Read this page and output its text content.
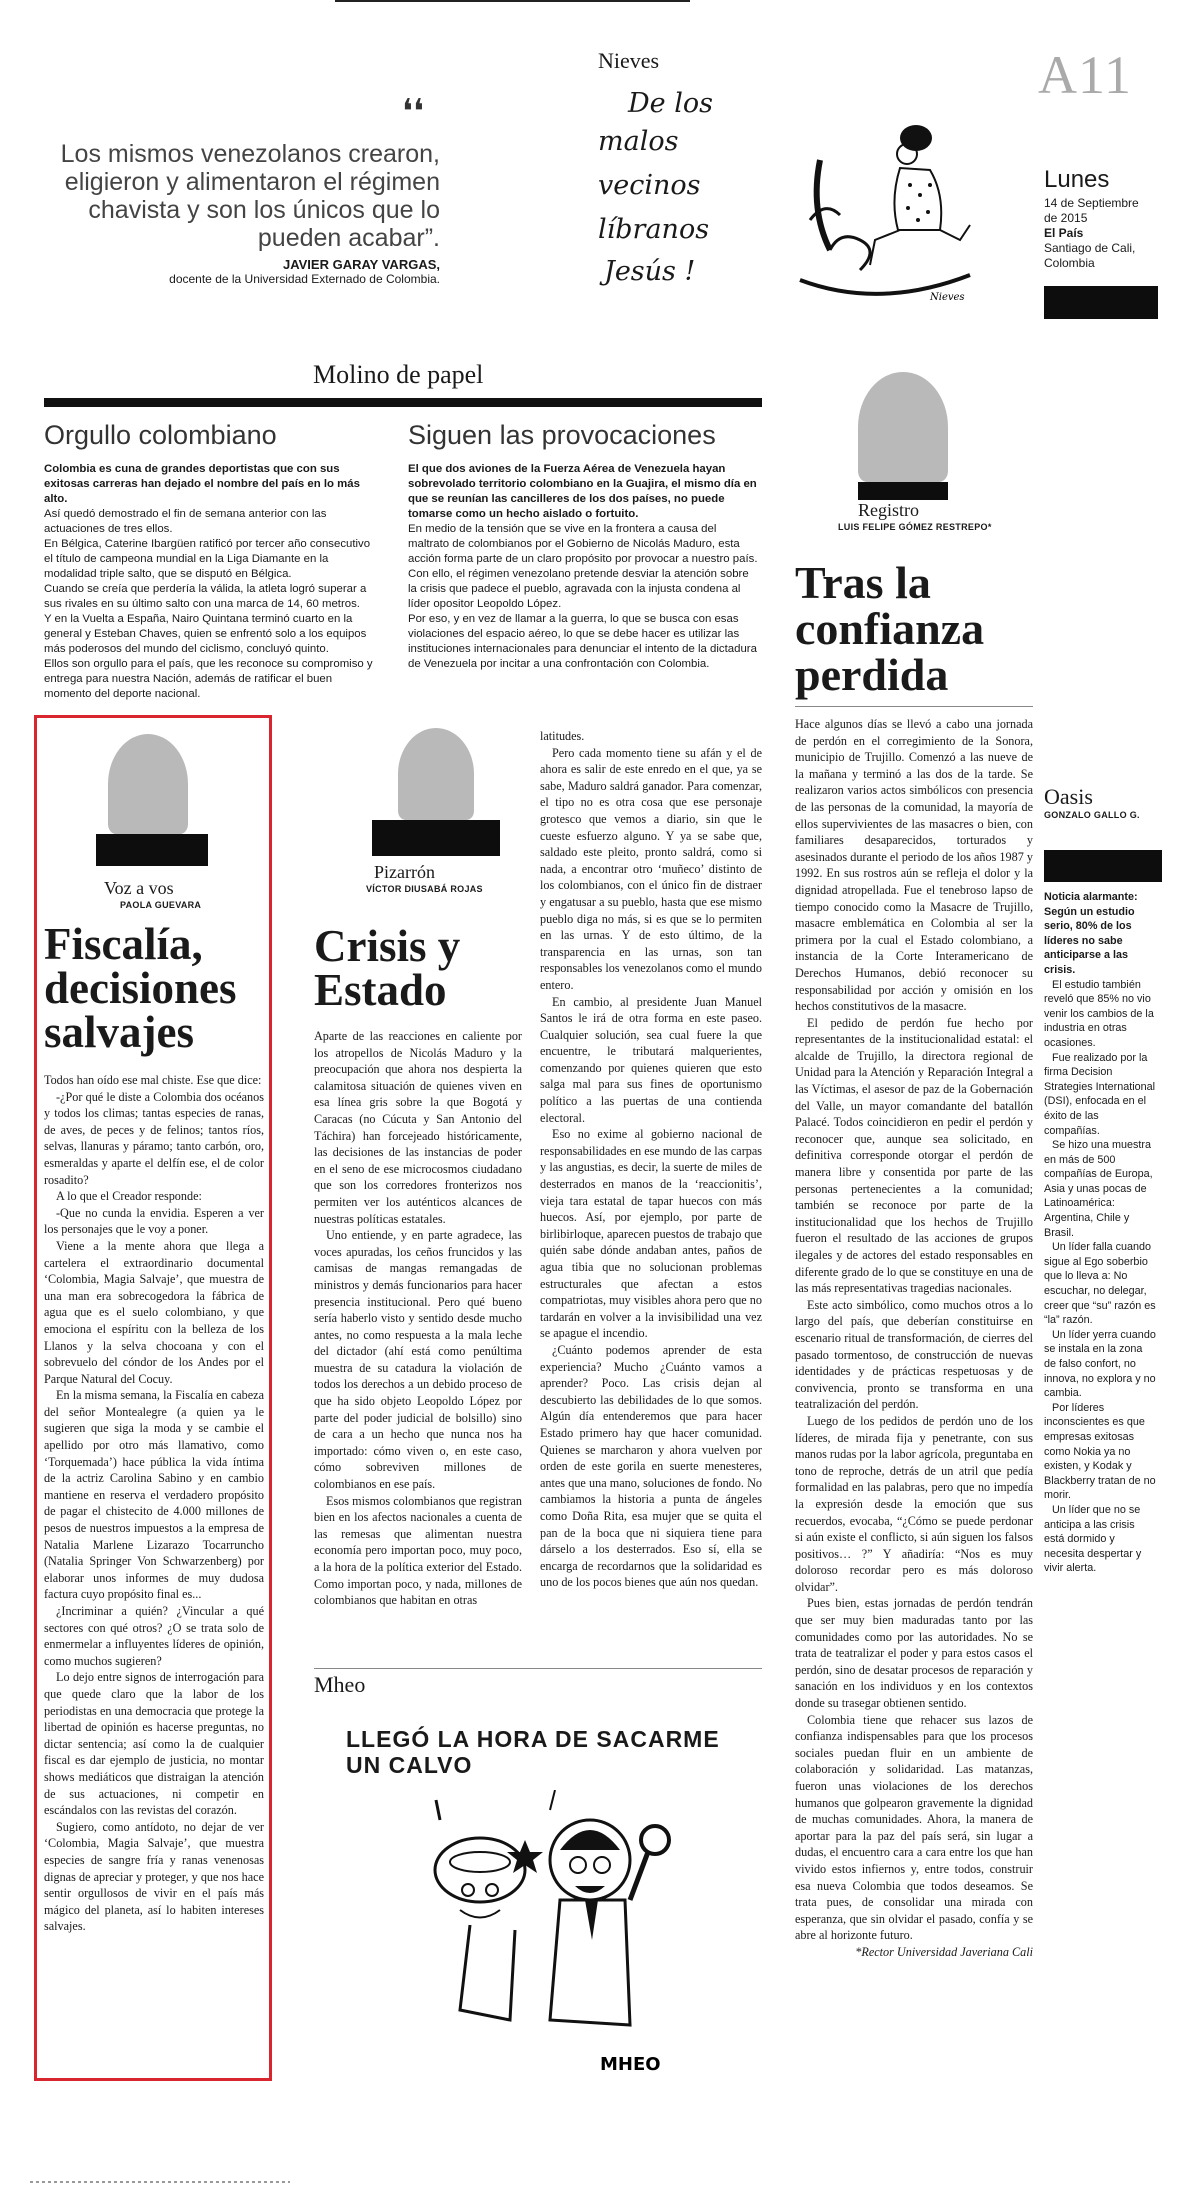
❛❛
Los mismos venezolanos crearon, eligieron y alimentaron el régimen chavista y son los únicos que lo pueden acabar”.
JAVIER GARAY VARGAS,
docente de la Universidad Externado de Colombia.
Nieves
De los
malos
vecinos
líbranos
Jesús !
Nieves
A11
Lunes
14 de Septiembre
de 2015
El País
Santiago de Cali,
Colombia
Molino de papel
Orgullo colombiano
Colombia es cuna de grandes deportistas que con sus exitosas carreras han dejado el nombre del país en lo más alto.
Así quedó demostrado el fin de semana anterior con las actuaciones de tres ellos.
En Bélgica, Caterine Ibargüen ratificó por tercer año consecutivo el título de campeona mundial en la Liga Diamante en la modalidad triple salto, que se disputó en Bélgica.
Cuando se creía que perdería la válida, la atleta logró superar a sus rivales en su último salto con una marca de 14, 60 metros.
Y en la Vuelta a España, Nairo Quintana terminó cuarto en la general y Esteban Chaves, quien se enfrentó solo a los equipos más poderosos del mundo del ciclismo, concluyó quinto.
Ellos son orgullo para el país, que les reconoce su compromiso y entrega para nuestra Nación, además de ratificar el buen momento del deporte nacional.
Siguen las provocaciones
El que dos aviones de la Fuerza Aérea de Venezuela hayan sobrevolado territorio colombiano en la Guajira, el mismo día en que se reunían las cancilleres de los dos países, no puede tomarse como un hecho aislado o fortuito.
En medio de la tensión que se vive en la frontera a causa del maltrato de colombianos por el Gobierno de Nicolás Maduro, esta acción forma parte de un claro propósito por provocar a nuestro país.
Con ello, el régimen venezolano pretende desviar la atención sobre la crisis que padece el pueblo, agravada con la injusta condena al líder opositor Leopoldo López.
Por eso, y en vez de llamar a la guerra, lo que se busca con esas violaciones del espacio aéreo, lo que se debe hacer es utilizar las instituciones internacionales para denunciar el intento de la dictadura de Venezuela por incitar a una confrontación con Colombia.
Registro
LUIS FELIPE GÓMEZ RESTREPO*
Tras la confianza perdida

Hace algunos días se llevó a cabo una jornada de perdón en el corregimiento de la Sonora, municipio de Trujillo. Comenzó a las nueve de la mañana y terminó a las dos de la tarde. Se realizaron varios actos simbólicos con presencia de las personas de la comunidad, la mayoría de ellos supervivientes de las masacres o bien, con familiares desaparecidos, torturados y asesinados durante el periodo de los años 1987 y 1992. En sus rostros aún se refleja el dolor y la dignidad atropellada. Fue el tenebroso lapso de tiempo conocido como la Masacre de Trujillo, masacre emblemática en Colombia al ser la primera por la cual el Estado colombiano, a instancia de la Corte Interamericano de Derechos Humanos, debió reconocer su responsabilidad por acción y omisión en los hechos constitutivos de la masacre.

El pedido de perdón fue hecho por representantes de la institucionalidad estatal: el alcalde de Trujillo, la directora regional de Unidad para la Atención y Reparación Integral a las Víctimas, el asesor de paz de la Gobernación del Valle, un mayor comandante del batallón Palacé. Todos coincidieron en pedir el perdón y reconocer que, aunque sea solicitado, en definitiva corresponde otorgar el perdón de manera libre y consentida por parte de las personas pertenecientes a la comunidad; también se reconoce por parte de la institucionalidad que los hechos de Trujillo fueron el resultado de las acciones de grupos ilegales y de actores del estado responsables en diferente grado de lo que se constituye en una de las más representativas tragedias nacionales.

Este acto simbólico, como muchos otros a lo largo del país, que deberían constituirse en escenario ritual de transformación, de cierres del pasado tormentoso, de construcción de nuevas identidades y de prácticas respetuosas y de convivencia, pronto se transforma en una teatralización del perdón.

Luego de los pedidos de perdón uno de los líderes, de mirada fija y penetrante, con sus manos rudas por la labor agrícola, preguntaba en tono de reproche, detrás de un atril que pedía formalidad en las palabras, pero que no impedía la expresión desde la emoción que sus recuerdos, evocaba, “¿Cómo se puede perdonar si aún existe el conflicto, si aún siguen los falsos positivos… ?” Y añadiría: “Nos es muy doloroso recordar pero es más doloroso olvidar”.

Pues bien, estas jornadas de perdón tendrán que ser muy bien maduradas tanto por las comunidades como por las autoridades. No se trata de teatralizar el poder y para estos casos el perdón, sino de desatar procesos de reparación y sanación en los individuos y en los contextos donde su trasegar obtienen sentido.

Colombia tiene que rehacer sus lazos de confianza indispensables para que los procesos sociales puedan fluir en un ambiente de colaboración y solidaridad. Las matanzas, fueron unas violaciones de los derechos humanos que golpearon gravemente la dignidad de muchas comunidades. Ahora, la manera de aportar para la paz del país será, sin lugar a dudas, el encuentro cara a cara entre los que han vivido estos infiernos y, entre todos, construir esa nueva Colombia que todos deseamos. Se trata pues, de consolidar una mirada con esperanza, que sin olvidar el pasado, confía y se abre al horizonte futuro.

*Rector Universidad Javeriana Cali
Oasis
GONZALO GALLO G.
Noticia alarmante: Según un estudio serio, 80% de los líderes no sabe anticiparse a las crisis.

El estudio también reveló que 85% no vio venir los cambios de la industria en otras ocasiones.

Fue realizado por la firma Decision Strategies International (DSI), enfocada en el éxito de las compañías.

Se hizo una muestra en más de 500 compañías de Europa, Asia y unas pocas de Latinoamérica: Argentina, Chile y Brasil.

Un líder falla cuando sigue al Ego soberbio que lo lleva a: No escuchar, no delegar, creer que “su” razón es “la” razón.

Un líder yerra cuando se instala en la zona de falso confort, no innova, no explora y no cambia.

Por líderes inconscientes es que empresas exitosas como Nokia ya no existen, y Kodak y Blackberry tratan de no morir.

Un líder que no se anticipa a las crisis está dormido y necesita despertar y vivir alerta.

Voz a vos
PAOLA GUEVARA
Fiscalía, decisiones salvajes

Todos han oído ese mal chiste. Ese que dice:

-¿Por qué le diste a Colombia dos océanos y todos los climas; tantas especies de ranas, de aves, de peces y de felinos; tantos ríos, selvas, llanuras y páramo; tanto carbón, oro, esmeraldas y aparte el delfín ese, el de color rosadito?

A lo que el Creador responde:

-Que no cunda la envidia. Esperen a ver los personajes que le voy a poner.

Viene a la mente ahora que llega a cartelera el extraordinario documental ‘Colombia, Magia Salvaje’, que muestra de una man era sobrecogedora la fábrica de agua que es el suelo colombiano, y que emociona el espíritu con la belleza de los Llanos y la selva chocoana y con el sobrevuelo del cóndor de los Andes por el Parque Natural del Cocuy.

En la misma semana, la Fiscalía en cabeza del señor Montealegre (a quien ya le sugieren que siga la moda y se cambie el apellido por otro más llamativo, como ‘Torquemada’) hace pública la vida íntima de la actriz Carolina Sabino y en cambio mantiene en reserva el verdadero propósito de pagar el chistecito de 4.000 millones de pesos de nuestros impuestos a la empresa de Natalia Marlene Lizarazo Tocarruncho (Natalia Springer Von Schwarzenberg) por elaborar unos informes de muy dudosa factura cuyo propósito final es...

¿Incriminar a quién? ¿Vincular a qué sectores con qué otros? ¿O se trata solo de enmermelar a influyentes líderes de opinión, como muchos sugieren?

Lo dejo entre signos de interrogación para que quede claro que la labor de los periodistas en una democracia que protege la libertad de opinión es hacerse preguntas, no dictar sentencia; así como la de cualquier fiscal es dar ejemplo de justicia, no montar shows mediáticos que distraigan la atención de sus actuaciones, ni competir en escándalos con las revistas del corazón.

Sugiero, como antídoto, no dejar de ver ‘Colombia, Magia Salvaje’, que muestra especies de sangre fría y ranas venenosas dignas de apreciar y proteger, y que nos hace sentir orgullosos de vivir en el país más mágico del planeta, así lo habiten intereses salvajes.

Pizarrón
VÍCTOR DIUSABÁ ROJAS
Crisis y Estado

Aparte de las reacciones en caliente por los atropellos de Nicolás Maduro y la preocupación que ahora nos despierta la calamitosa situación de quienes viven en esa línea gris sobre la que Bogotá y Caracas (no Cúcuta y San Antonio del Táchira) han forcejeado históricamente, las decisiones de las instancias de poder en el seno de ese microcosmos ciudadano que son los corredores fronterizos nos permiten ver los auténticos alcances de nuestras políticas estatales.

Uno entiende, y en parte agradece, las voces apuradas, los ceños fruncidos y las camisas de mangas remangadas de ministros y demás funcionarios para hacer presencia institucional. Pero qué bueno sería haberlo visto y sentido desde mucho antes, no como respuesta a la mala leche del dictador (ahí está como penúltima muestra de su catadura la violación de todos los derechos a un debido proceso de que ha sido objeto Leopoldo López por parte del poder judicial de bolsillo) sino de cara a un hecho que nunca nos ha importado: cómo viven o, en este caso, cómo sobreviven millones de colombianos en ese país.

Esos mismos colombianos que registran bien en los afectos nacionales a cuenta de las remesas que alimentan nuestra economía pero importan poco, muy poco, a la hora de la política exterior del Estado. Como importan poco, y nada, millones de colombianos que habitan en otras

latitudes.

Pero cada momento tiene su afán y el de ahora es salir de este enredo en el que, ya se sabe, Maduro saldrá ganador. Para comenzar, el tipo no es otra cosa que ese personaje grotesco que vemos a diario, sin que le cueste esfuerzo alguno. Y ya se sabe que, saldado este pleito, pronto saldrá, como si nada, a encontrar otro ‘muñeco’ distinto de los colombianos, con el único fin de distraer y engatusar a su pueblo, hasta que ese mismo pueblo diga no más, si es que se lo permiten en las urnas. Y de esto último, de la transparencia en las urnas, son tan responsables los venezolanos como el mundo entero.

En cambio, al presidente Juan Manuel Santos le irá de otra forma en este paseo. Cualquier solución, sea cual fuere la que encuentre, le tributará malquerientes, comenzando por quienes quieren que esto salga mal para sus fines de oportunismo político a las puertas de una contienda electoral.

Eso no exime al gobierno nacional de responsabilidades en ese mundo de las carpas y las angustias, es decir, la suerte de miles de desterrados en manos de la ‘reaccionitis’, vieja tara estatal de tapar huecos con más huecos. Así, por ejemplo, por parte de birlibirloque, aparecen puestos de trabajo que quién sabe dónde andaban antes, paños de agua tibia que no solucionan problemas estructurales que afectan a estos compatriotas, muy visibles ahora pero que no tardarán en volver a la invisibilidad una vez se apague el incendio.

¿Cuánto podemos aprender de esta experiencia? Mucho ¿Cuánto vamos a aprender? Poco. Las crisis dejan al descubierto las debilidades de lo que somos. Algún día entenderemos que para hacer Estado primero hay que hacer comunidad. Quienes se marcharon y ahora vuelven por orden de este gorila en suerte menesteres, antes que una mano, soluciones de fondo. No cambiamos la historia a punta de ángeles como Doña Rita, esa mujer que se quita el pan de la boca que ni siquiera tiene para dárselo a los desterrados. Eso sí, ella se encarga de recordarnos que la solidaridad es uno de los pocos bienes que aún nos quedan.

Mheo
LLEGÓ LA HORA DE SACARME UN CALVO
MHEO
